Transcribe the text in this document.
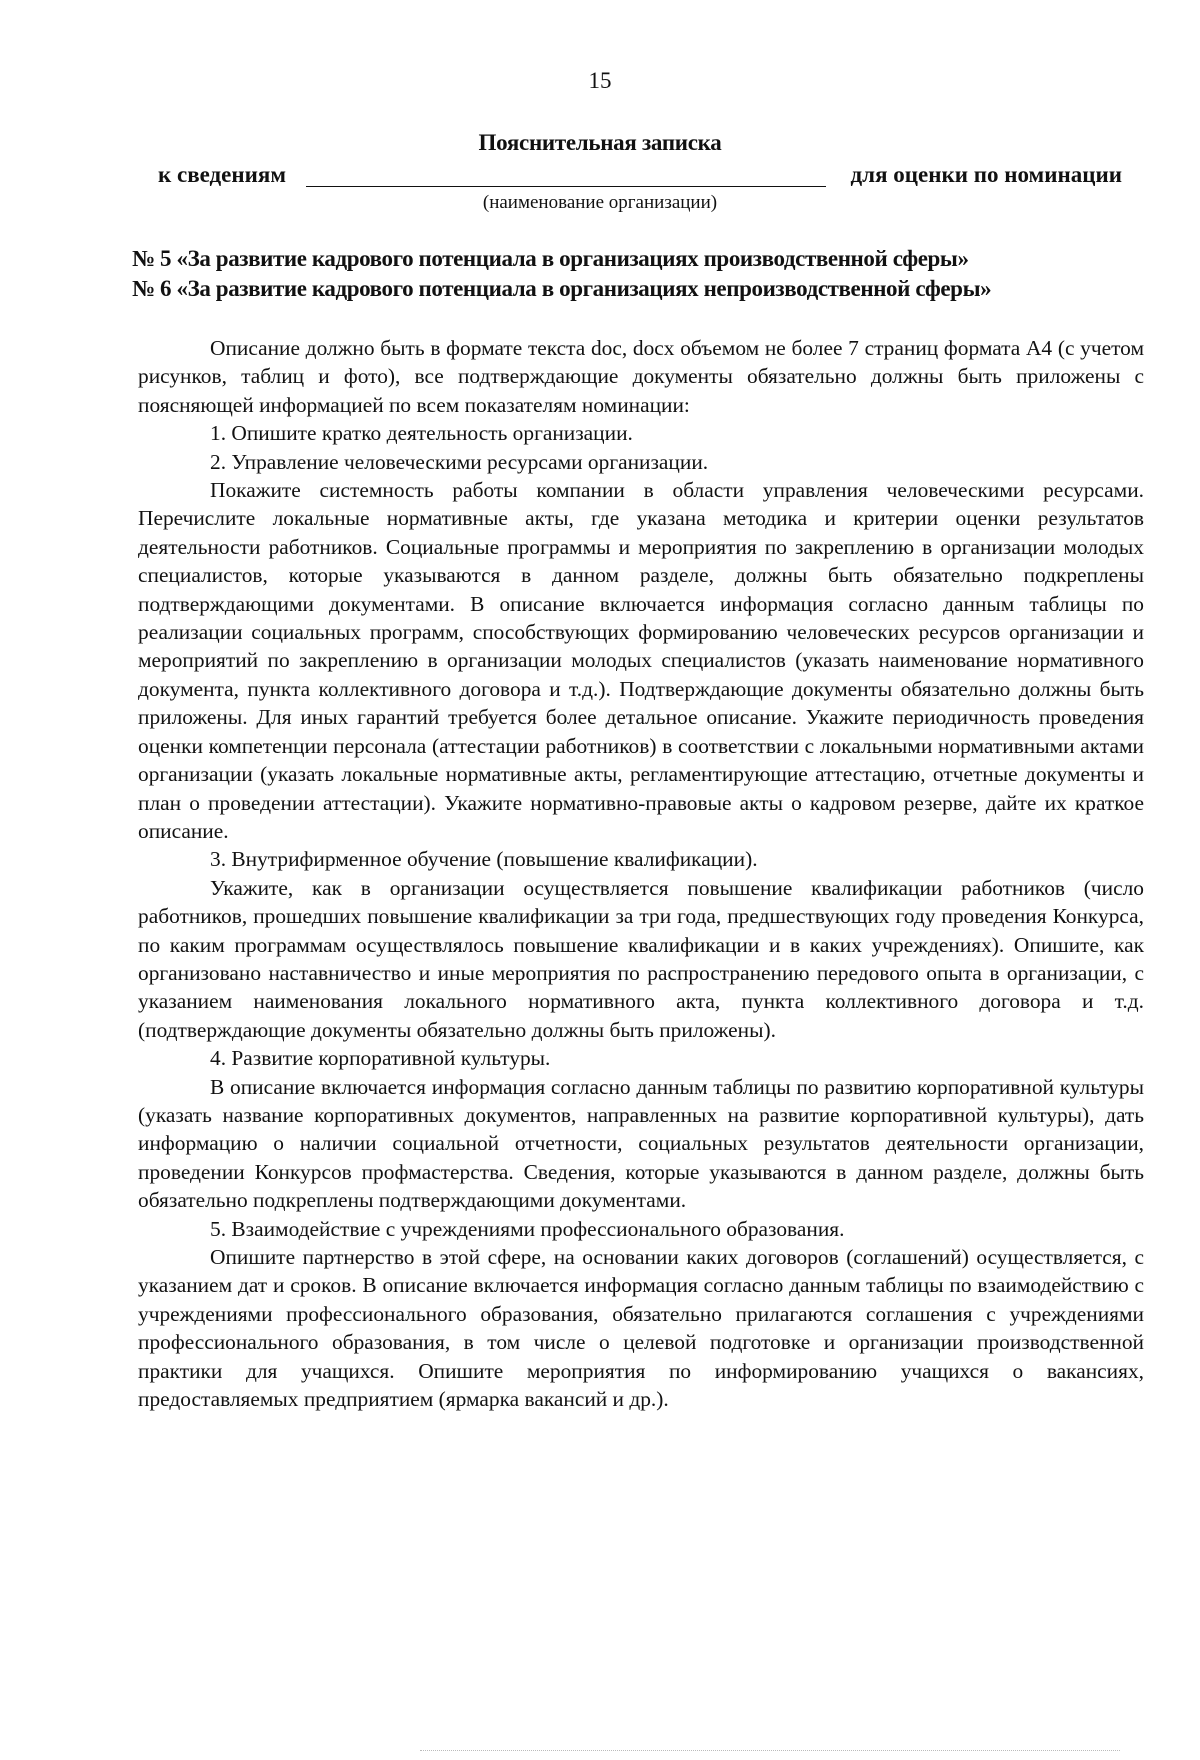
15
Пояснительная записка
к сведениям	для оценки по номинации
(наименование организации)
№ 5 «За развитие кадрового потенциала в организациях производственной сферы»
№ 6 «За развитие кадрового потенциала в организациях непроизводственной сферы»

Описание должно быть в формате текста doc, docx объемом не более 7 страниц формата А4 (с учетом рисунков, таблиц и фото), все подтверждающие документы обязательно должны быть приложены с поясняющей информацией по всем показателям номинации:

1. Опишите кратко деятельность организации.

2. Управление человеческими ресурсами организации.

Покажите системность работы компании в области управления человеческими ресурсами. Перечислите локальные нормативные акты, где указана методика и критерии оценки результатов деятельности работников. Социальные программы и мероприятия по закреплению в организации молодых специалистов, которые указываются в данном разделе, должны быть обязательно подкреплены подтверждающими документами. В описание включается информация согласно данным таблицы по реализации социальных программ, способствующих формированию человеческих ресурсов организации и мероприятий по закреплению в организации молодых специалистов (указать наименование нормативного документа, пункта коллективного договора и т.д.). Подтверждающие документы обязательно должны быть приложены. Для иных гарантий требуется более детальное описание. Укажите периодичность проведения оценки компетенции персонала (аттестации работников) в соответствии с локальными нормативными актами организации (указать локальные нормативные акты, регламентирующие аттестацию, отчетные документы и план о проведении аттестации). Укажите нормативно-правовые акты о кадровом резерве, дайте их краткое описание.

3. Внутрифирменное обучение (повышение квалификации).

Укажите, как в организации осуществляется повышение квалификации работников (число работников, прошедших повышение квалификации за три года, предшествующих году проведения Конкурса, по каким программам осуществлялось повышение квалификации и в каких учреждениях). Опишите, как организовано наставничество и иные мероприятия по распространению передового опыта в организации, с указанием наименования локального нормативного акта, пункта коллективного договора и т.д. (подтверждающие документы обязательно должны быть приложены).

4. Развитие корпоративной культуры.

В описание включается информация согласно данным таблицы по развитию корпоративной культуры (указать название корпоративных документов, направленных на развитие корпоративной культуры), дать информацию о наличии социальной отчетности, социальных результатов деятельности организации, проведении Конкурсов профмастерства. Сведения, которые указываются в данном разделе, должны быть обязательно подкреплены подтверждающими документами.

5. Взаимодействие с учреждениями профессионального образования.

Опишите партнерство в этой сфере, на основании каких договоров (соглашений) осуществляется, с указанием дат и сроков. В описание включается информация согласно данным таблицы по взаимодействию с учреждениями профессионального образования, обязательно прилагаются соглашения с учреждениями профессионального образования, в том числе о целевой подготовке и организации производственной практики для учащихся. Опишите мероприятия по информированию учащихся о вакансиях, предоставляемых предприятием (ярмарка вакансий и др.).
